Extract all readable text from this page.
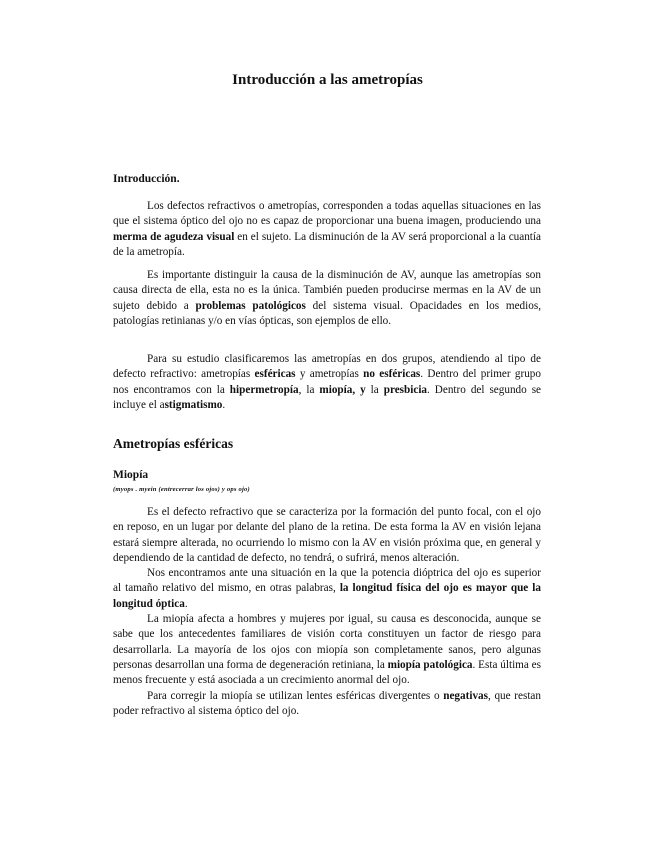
Introducción a las ametropías
Introducción.

Los defectos refractivos o ametropías, corresponden a todas aquellas situaciones en las que el sistema óptico del ojo no es capaz de proporcionar una buena imagen, produciendo una merma de agudeza visual en el sujeto. La disminución de la AV será proporcional a la cuantía de la ametropía.

Es importante distinguir la causa de la disminución de AV, aunque las ametropías son causa directa de ella, esta no es la única. También pueden producirse mermas en la AV de un sujeto debido a problemas patológicos del sistema visual. Opacidades en los medios, patologías retinianas y/o en vías ópticas, son ejemplos de ello.

Para su estudio clasificaremos las ametropías en dos grupos, atendiendo al tipo de defecto refractivo: ametropías esféricas y ametropías no esféricas. Dentro del primer grupo nos encontramos con la hipermetropía, la miopía, y la presbicia. Dentro del segundo se incluye el astigmatismo.

Ametropías esféricas
Miopía
(myops . myein (entrecerrar los ojos) y ops ojo)

Es el defecto refractivo que se caracteriza por la formación del punto focal, con el ojo en reposo, en un lugar por delante del plano de la retina. De esta forma la AV en visión lejana estará siempre alterada, no ocurriendo lo mismo con la AV en visión próxima que, en general y dependiendo de la cantidad de defecto, no tendrá, o sufrirá, menos alteración.

Nos encontramos ante una situación en la que la potencia dióptrica del ojo es superior al tamaño relativo del mismo, en otras palabras, la longitud física del ojo es mayor que la longitud óptica.

La miopía afecta a hombres y mujeres por igual, su causa es desconocida, aunque se sabe que los antecedentes familiares de visión corta constituyen un factor de riesgo para desarrollarla. La mayoría de los ojos con miopía son completamente sanos, pero algunas personas desarrollan una forma de degeneración retiniana, la miopía patológica. Esta última es menos frecuente y está asociada a un crecimiento anormal del ojo.

Para corregir la miopía se utilizan lentes esféricas divergentes o negativas, que restan poder refractivo al sistema óptico del ojo.
